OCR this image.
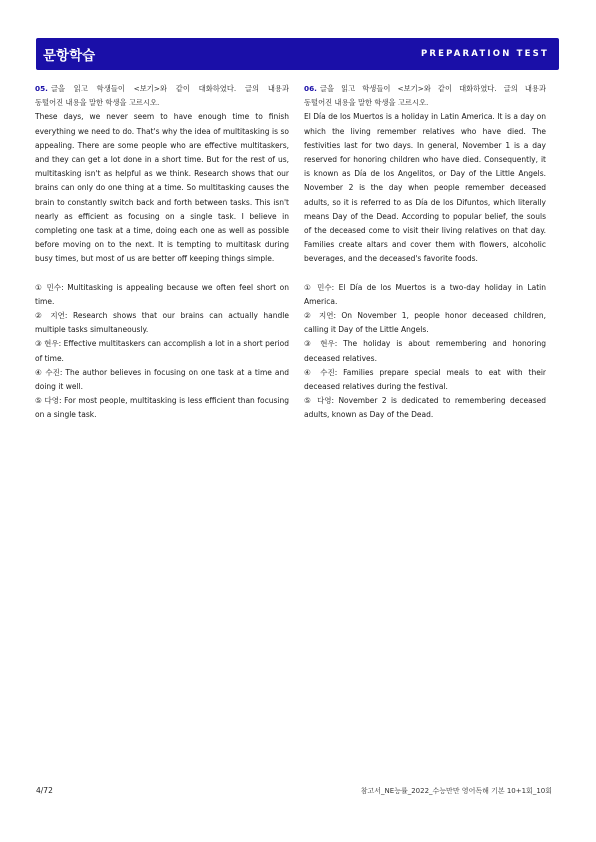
문항학습	PREPARATION TEST
05. 글을 읽고 학생들이 <보기>와 같이 대화하였다. 글의 내용과
동떨어진 내용을 말한 학생을 고르시오.

These days, we never seem to have enough time to finish everything we need to do. That's why the idea of multitasking is so appealing. There are some people who are effective multitaskers, and they can get a lot done in a short time. But for the rest of us, multitasking isn't as helpful as we think. Research shows that our brains can only do one thing at a time. So multitasking causes the brain to constantly switch back and forth between tasks. This isn't nearly as efficient as focusing on a single task. I believe in completing one task at a time, doing each one as well as possible before moving on to the next. It is tempting to multitask during busy times, but most of us are better off keeping things simple.

① 민수: Multitasking is appealing because we often feel short on time.
② 지연: Research shows that our brains can actually handle multiple tasks simultaneously.
③ 현우: Effective multitaskers can accomplish a lot in a short period of time.
④ 수진: The author believes in focusing on one task at a time and doing it well.
⑤ 다영: For most people, multitasking is less efficient than focusing on a single task.
06. 글을 읽고 학생들이 <보기>와 같이 대화하였다. 글의 내용과
동떨어진 내용을 말한 학생을 고르시오.

El Día de los Muertos is a holiday in Latin America. It is a day on which the living remember relatives who have died. The festivities last for two days. In general, November 1 is a day reserved for honoring children who have died. Consequently, it is known as Día de los Angelitos, or Day of the Little Angels. November 2 is the day when people remember deceased adults, so it is referred to as Día de los Difuntos, which literally means Day of the Dead. According to popular belief, the souls of the deceased come to visit their living relatives on that day. Families create altars and cover them with flowers, alcoholic beverages, and the deceased's favorite foods.

① 민수: El Día de los Muertos is a two-day holiday in Latin America.
② 지연: On November 1, people honor deceased children, calling it Day of the Little Angels.
③ 현우: The holiday is about remembering and honoring deceased relatives.
④ 수진: Families prepare special meals to eat with their deceased relatives during the festival.
⑤ 다영: November 2 is dedicated to remembering deceased adults, known as Day of the Dead.
4/72	참고서_NE능률_2022_수능만만 영어독해 기본 10+1회_10회
